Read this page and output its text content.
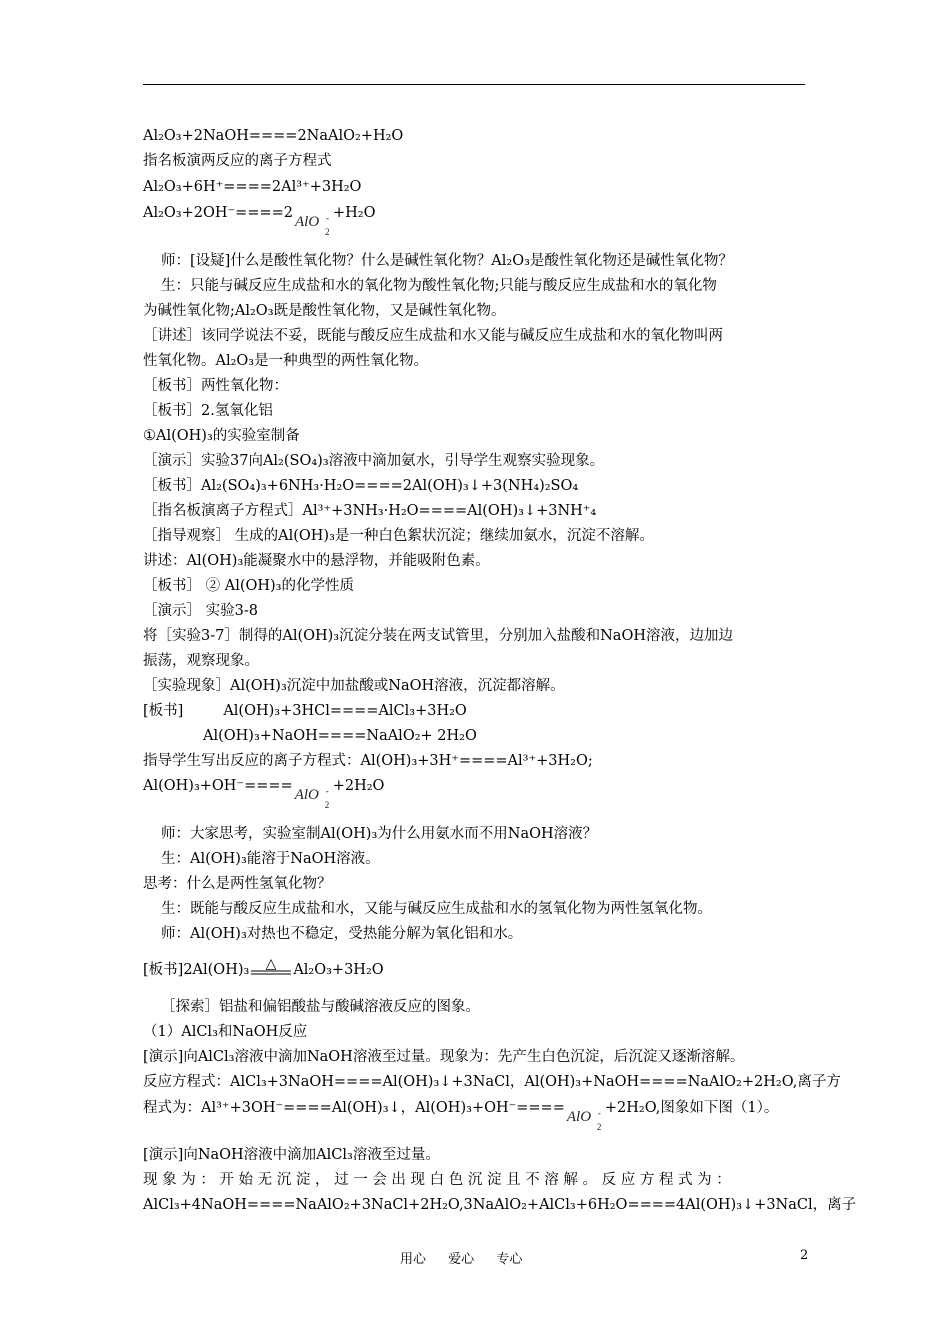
Al₂O₃+2NaOH====2NaAlO₂+H₂O
指名板演两反应的离子方程式
Al₂O₃+6H⁺====2Al³⁺+3H₂O
Al₂O₃+2OH⁻====2
AlO -
2
+H₂O
师：[设疑]什么是酸性氧化物？什么是碱性氧化物？Al₂O₃是酸性氧化物还是碱性氧化物？
生：只能与碱反应生成盐和水的氧化物为酸性氧化物;只能与酸反应生成盐和水的氧化物
为碱性氧化物;Al₂O₃既是酸性氧化物，又是碱性氧化物。
［讲述］该同学说法不妥，既能与酸反应生成盐和水又能与碱反应生成盐和水的氧化物叫两
性氧化物。Al₂O₃是一种典型的两性氧化物。
［板书］两性氧化物：
［板书］2.氢氧化铝
①Al(OH)₃的实验室制备
［演示］实验37向Al₂(SO₄)₃溶液中滴加氨水，引导学生观察实验现象。
［板书］Al₂(SO₄)₃+6NH₃·H₂O====2Al(OH)₃↓+3(NH₄)₂SO₄
［指名板演离子方程式］Al³⁺+3NH₃·H₂O====Al(OH)₃↓+3NH⁺₄
［指导观察］ 生成的Al(OH)₃是一种白色絮状沉淀；继续加氨水，沉淀不溶解。
讲述：Al(OH)₃能凝聚水中的悬浮物，并能吸附色素。
［板书］ ② Al(OH)₃的化学性质
［演示］ 实验3-8
将［实验3-7］制得的Al(OH)₃沉淀分装在两支试管里，分别加入盐酸和NaOH溶液，边加边
振荡，观察现象。
［实验现象］Al(OH)₃沉淀中加盐酸或NaOH溶液，沉淀都溶解。
[板书]	Al(OH)₃+3HCl====AlCl₃+3H₂O
Al(OH)₃+NaOH====NaAlO₂+ 2H₂O
指导学生写出反应的离子方程式：Al(OH)₃+3H⁺====Al³⁺+3H₂O;
Al(OH)₃+OH⁻====
AlO -
2
+2H₂O
师：大家思考，实验室制Al(OH)₃为什么用氨水而不用NaOH溶液？
生：Al(OH)₃能溶于NaOH溶液。
思考：什么是两性氢氧化物？
生：既能与酸反应生成盐和水，又能与碱反应生成盐和水的氢氧化物为两性氢氧化物。
师：Al(OH)₃对热也不稳定，受热能分解为氧化铝和水。
[板书]2Al(OH)₃ △ Al₂O₃+3H₂O
［探索］铝盐和偏铝酸盐与酸碱溶液反应的图象。
（1）AlCl₃和NaOH反应
[演示]向AlCl₃溶液中滴加NaOH溶液至过量。现象为：先产生白色沉淀，后沉淀又逐渐溶解。
反应方程式：AlCl₃+3NaOH====Al(OH)₃↓+3NaCl，Al(OH)₃+NaOH====NaAlO₂+2H₂O,离子方
程式为：Al³⁺+3OH⁻====Al(OH)₃↓，Al(OH)₃+OH⁻====
AlO -
2
+2H₂O,图象如下图（1）。
[演示]向NaOH溶液中滴加AlCl₃溶液至过量。
现 象 为 ： 开 始 无 沉 淀 ， 过 一 会 出 现 白 色 沉 淀 且 不 溶 解 。 反 应 方 程 式 为 ：
AlCl₃+4NaOH====NaAlO₂+3NaCl+2H₂O,3NaAlO₂+AlCl₃+6H₂O====4Al(OH)₃↓+3NaCl，离子
用心 爱心 专心	2
